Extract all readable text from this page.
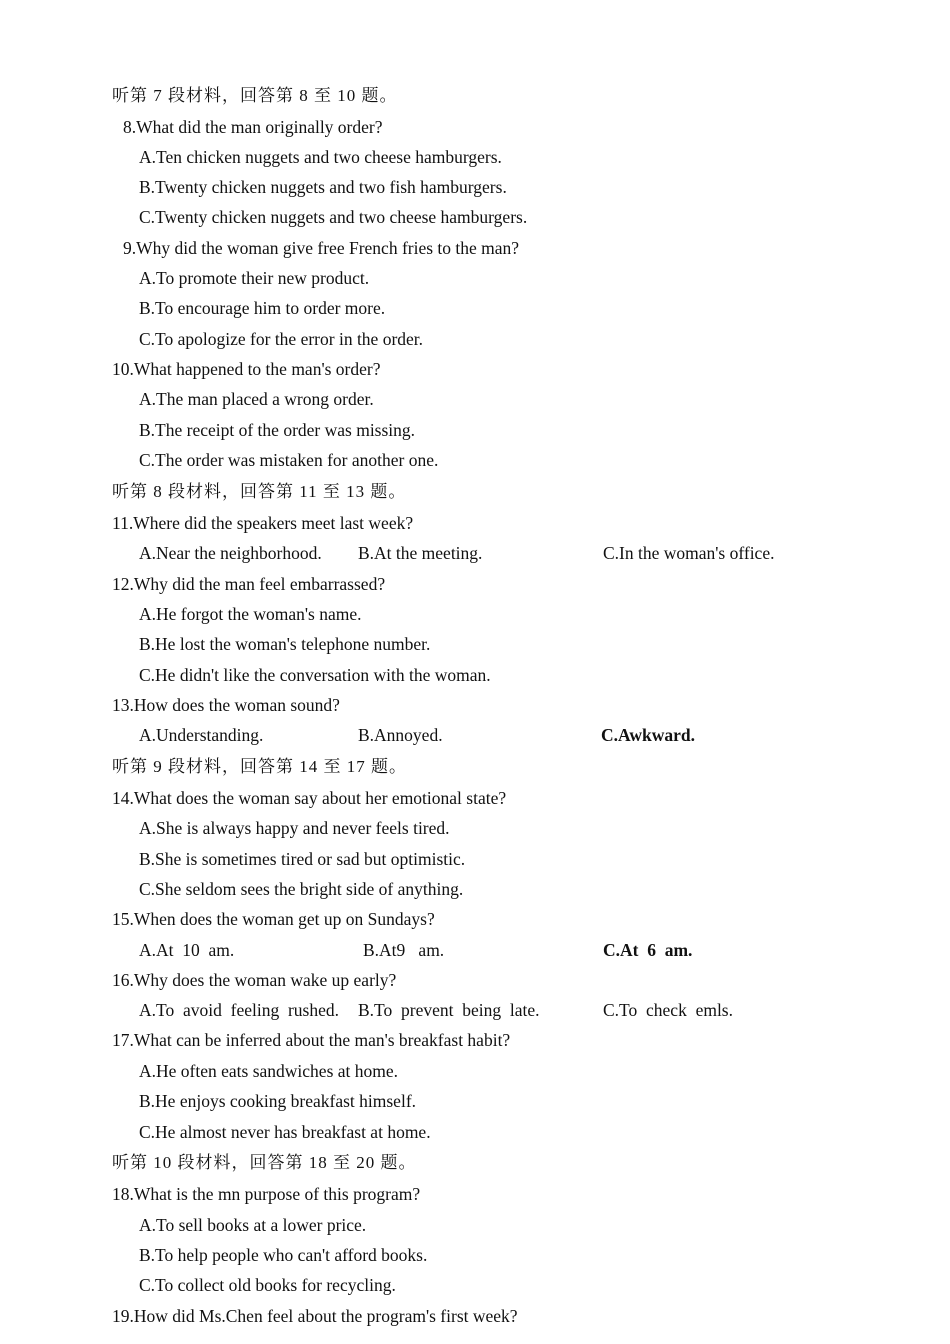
听第 7 段材料，回答第 8 至 10 题。
8.What did the man originally order?
A.Ten chicken nuggets and two cheese hamburgers.
B.Twenty chicken nuggets and two fish hamburgers.
C.Twenty chicken nuggets and two cheese hamburgers.
9.Why did the woman give free French fries to the man?
A.To promote their new product.
B.To encourage him to order more.
C.To apologize for the error in the order.
10.What happened to the man's order?
A.The man placed a wrong order.
B.The receipt of the order was missing.
C.The order was mistaken for another one.
听第 8 段材料，回答第 11 至 13 题。
11.Where did the speakers meet last week?
A.Near the neighborhood. B.At the meeting.	C.In the woman's office.
12.Why did the man feel embarrassed?
A.He forgot the woman's name.
B.He lost the woman's telephone number.
C.He didn't like the conversation with the woman.
13.How does the woman sound?
A.Understanding.	B.Annoyed.	C.Awkward.
听第 9 段材料，回答第 14 至 17 题。
14.What does the woman say about her emotional state?
A.She is always happy and never feels tired.
B.She is sometimes tired or sad but optimistic.
C.She seldom sees the bright side of anything.
15.When does the woman get up on Sundays?
A.At  10  am.	B.At9   am.	C.At  6  am.
16.Why does the woman wake up early?
A.To  avoid  feeling  rushed. B.To  prevent  being  late.	C.To  check  emls.
17.What can be inferred about the man's breakfast habit?
A.He often eats sandwiches at home.
B.He enjoys cooking breakfast himself.
C.He almost never has breakfast at home.
听第 10 段材料，回答第 18 至 20 题。
18.What is the mn purpose of this program?
A.To sell books at a lower price.
B.To help people who can't afford books.
C.To collect old books for recycling.
19.How did Ms.Chen feel about the program's first week?
